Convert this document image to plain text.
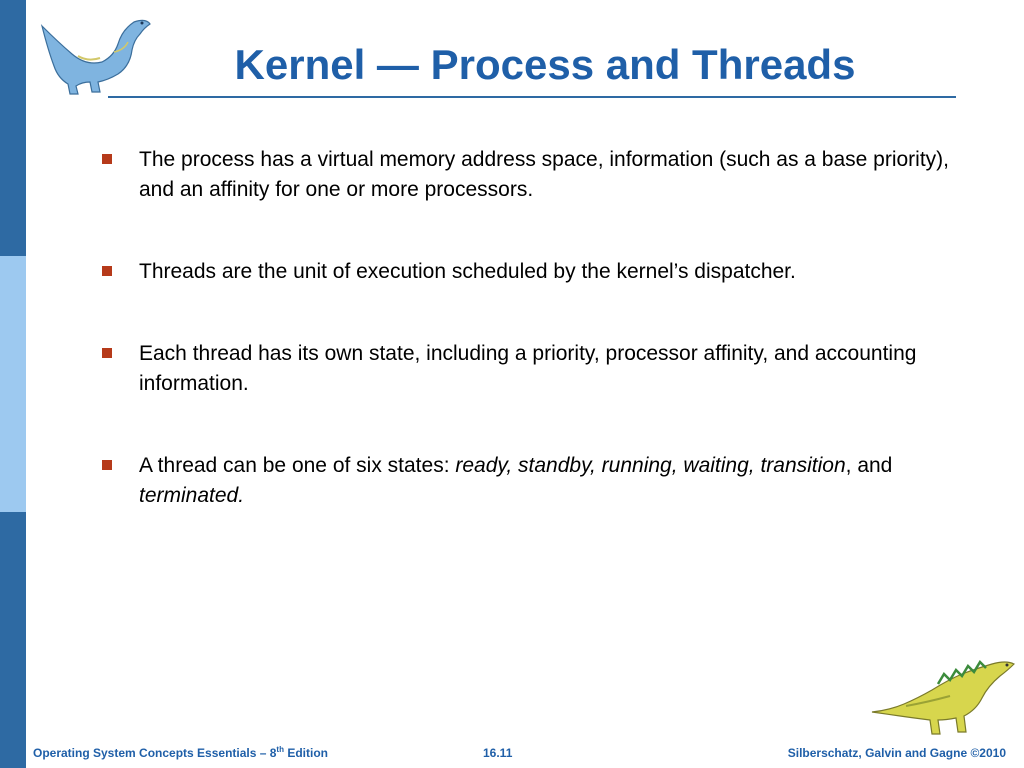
Kernel — Process and Threads
The process has a virtual memory address space, information (such as a base priority), and an affinity for one or more processors.
Threads are the unit of execution scheduled by the kernel’s dispatcher.
Each thread has its own state, including a priority, processor affinity, and accounting information.
A thread can be one of six states: ready, standby, running, waiting, transition, and terminated.
Operating System Concepts Essentials – 8th Edition	16.11	Silberschatz, Galvin and Gagne ©2010
